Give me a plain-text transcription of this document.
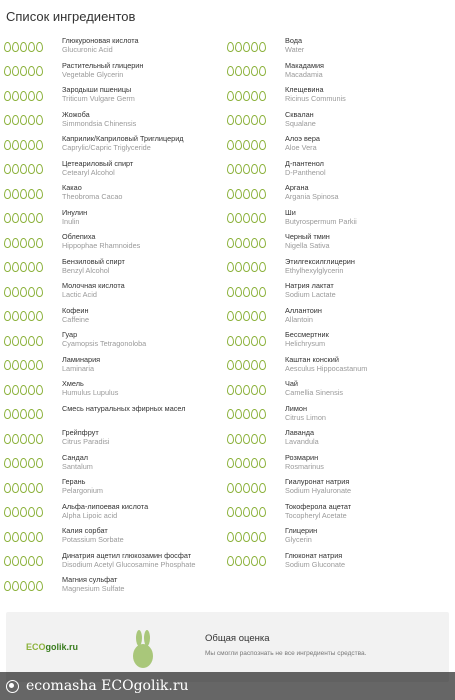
Список ингредиентов
Глюкуроновая кислота
Glucuronic Acid
Растительный глицерин
Vegetable Glycerin
Зародыши пшеницы
Triticum Vulgare Germ
Жожоба
Simmondsia Chinensis
Каприлик/Каприловый Триглицерид
Caprylic/Capric Triglyceride
Цетеариловый спирт
Cetearyl Alcohol
Какао
Theobroma Cacao
Инулин
Inulin
Облепиха
Hippophae Rhamnoides
Бензиловый спирт
Benzyl Alcohol
Молочная кислота
Lactic Acid
Кофеин
Caffeine
Гуар
Cyamopsis Tetragonoloba
Ламинария
Laminaria
Хмель
Humulus Lupulus
Смесь натуральных эфирных масел
Грейпфрут
Citrus Paradisi
Сандал
Santalum
Герань
Pelargonium
Альфа-липоевая кислота
Alpha Lipoic acid
Калия сорбат
Potassium Sorbate
Динатрия ацетил глюкозамин фосфат
Disodium Acetyl Glucosamine Phosphate
Магния сульфат
Magnesium Sulfate
Вода
Water
Макадамия
Macadamia
Клещевина
Ricinus Communis
Сквалан
Squalane
Алоэ вера
Aloe Vera
Д-пантенол
D-Panthenol
Аргана
Argania Spinosa
Ши
Butyrospermum Parkii
Черный тмин
Nigella Sativa
Этилгексилглицерин
Ethylhexylglycerin
Натрия лактат
Sodium Lactate
Аллантоин
Allantoin
Бессмертник
Helichrysum
Каштан конский
Aesculus Hippocastanum
Чай
Camellia Sinensis
Лимон
Citrus Limon
Лаванда
Lavandula
Розмарин
Rosmarinus
Гиалуронат натрия
Sodium Hyaluronate
Токоферола ацетат
Tocopheryl Acetate
Глицерин
Glycerin
Глюконат натрия
Sodium Gluconate
ECOgolik.ru
Общая оценка
Мы смогли распознать не все ингредиенты средства.
ecomasha ECOgolik.ru
